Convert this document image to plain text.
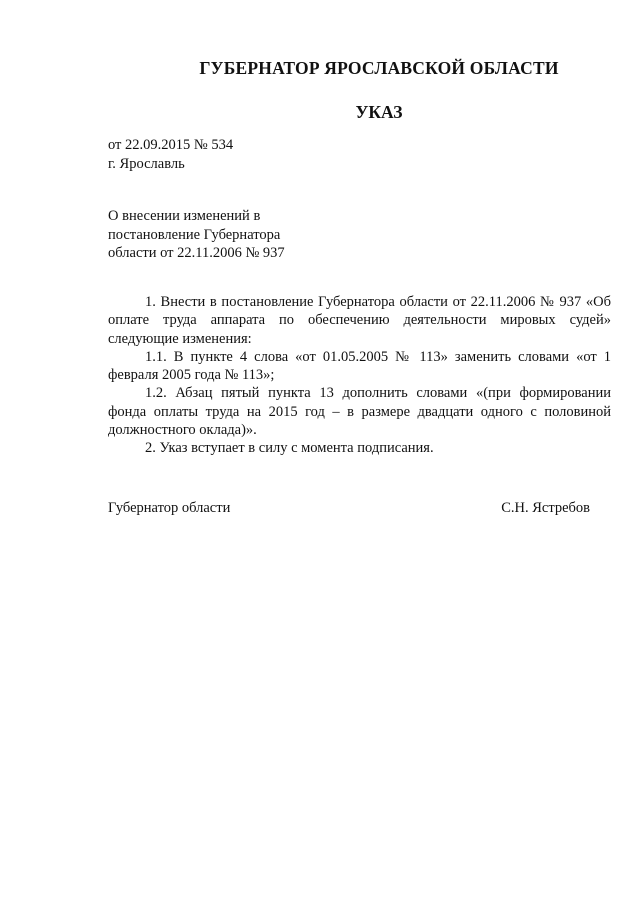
ГУБЕРНАТОР ЯРОСЛАВСКОЙ ОБЛАСТИ
УКАЗ
от 22.09.2015 № 534
г. Ярославль
О внесении изменений в
постановление Губернатора
области от 22.11.2006 № 937

1. Внести в постановление Губернатора области от 22.11.2006 № 937 «Об оплате труда аппарата по обеспечению деятельности мировых судей» следующие изменения:

1.1. В пункте 4 слова «от 01.05.2005 № 113» заменить словами «от 1 февраля 2005 года № 113»;

1.2. Абзац пятый пункта 13 дополнить словами «(при формировании фонда оплаты труда на 2015 год – в размере двадцати одного с половиной должностного оклада)».

2. Указ вступает в силу с момента подписания.

Губернатор области	С.Н. Ястребов
